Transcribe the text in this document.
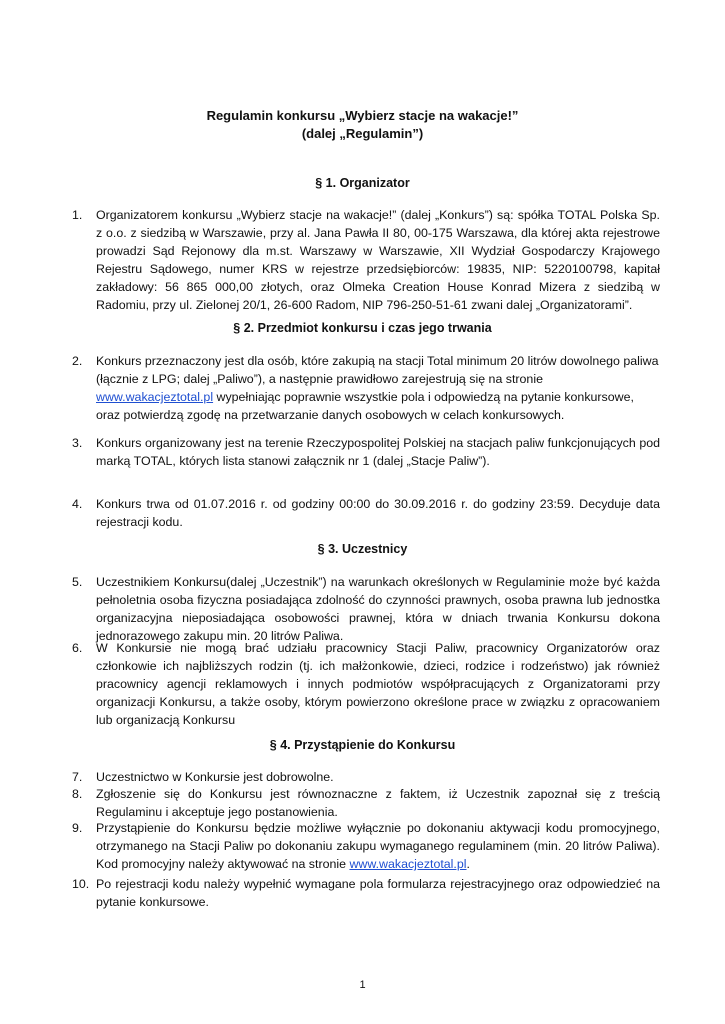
Regulamin konkursu „Wybierz stacje na wakacje!”
(dalej „Regulamin”)
§ 1. Organizator
1.	Organizatorem konkursu „Wybierz stacje na wakacje!” (dalej „Konkurs”) są: spółka TOTAL Polska Sp. z o.o. z siedzibą w Warszawie, przy al. Jana Pawła II 80, 00-175 Warszawa, dla której akta rejestrowe prowadzi Sąd Rejonowy dla m.st. Warszawy w Warszawie, XII Wydział Gospodarczy Krajowego Rejestru Sądowego, numer KRS w rejestrze przedsiębiorców: 19835, NIP: 5220100798, kapitał zakładowy: 56 865 000,00 złotych, oraz Olmeka Creation House Konrad Mizera z siedzibą w Radomiu, przy ul. Zielonej 20/1, 26-600 Radom, NIP 796-250-51-61 zwani dalej „Organizatorami”.
§ 2. Przedmiot konkursu i czas jego trwania
2.	Konkurs przeznaczony jest dla osób, które zakupią na stacji Total minimum 20 litrów dowolnego paliwa (łącznie z LPG; dalej „Paliwo”), a następnie prawidłowo zarejestrują się na stronie www.wakacjeztotal.pl wypełniając poprawnie wszystkie pola i odpowiedzą na pytanie konkursowe, oraz potwierdzą zgodę na przetwarzanie danych osobowych w celach konkursowych.
3.	Konkurs organizowany jest na terenie Rzeczypospolitej Polskiej na stacjach paliw funkcjonujących pod marką TOTAL, których lista stanowi załącznik nr 1 (dalej „Stacje Paliw”).
4.	Konkurs trwa od 01.07.2016 r. od godziny 00:00 do 30.09.2016 r. do godziny 23:59. Decyduje data rejestracji kodu.
§ 3. Uczestnicy
5.	Uczestnikiem Konkursu(dalej „Uczestnik”) na warunkach określonych w Regulaminie może być każda pełnoletnia osoba fizyczna posiadająca zdolność do czynności prawnych, osoba prawna lub jednostka organizacyjna nieposiadająca osobowości prawnej, która w dniach trwania Konkursu dokona jednorazowego zakupu min. 20 litrów Paliwa.
6.	W Konkursie nie mogą brać udziału pracownicy Stacji Paliw, pracownicy Organizatorów oraz członkowie ich najbliższych rodzin (tj. ich małżonkowie, dzieci, rodzice i rodzeństwo) jak również pracownicy agencji reklamowych i innych podmiotów współpracujących z Organizatorami przy organizacji Konkursu, a także osoby, którym powierzono określone prace w związku z opracowaniem lub organizacją Konkursu
§ 4. Przystąpienie do Konkursu
7.	Uczestnictwo w Konkursie jest dobrowolne.
8.	Zgłoszenie się do Konkursu jest równoznaczne z faktem, iż Uczestnik zapoznał się z treścią Regulaminu i akceptuje jego postanowienia.
9.	Przystąpienie do Konkursu będzie możliwe wyłącznie po dokonaniu aktywacji kodu promocyjnego, otrzymanego na Stacji Paliw po dokonaniu zakupu wymaganego regulaminem (min. 20 litrów Paliwa). Kod promocyjny należy aktywować na stronie www.wakacjeztotal.pl.
10. Po rejestracji kodu należy wypełnić wymagane pola formularza rejestracyjnego oraz odpowiedzieć na pytanie konkursowe.
1
